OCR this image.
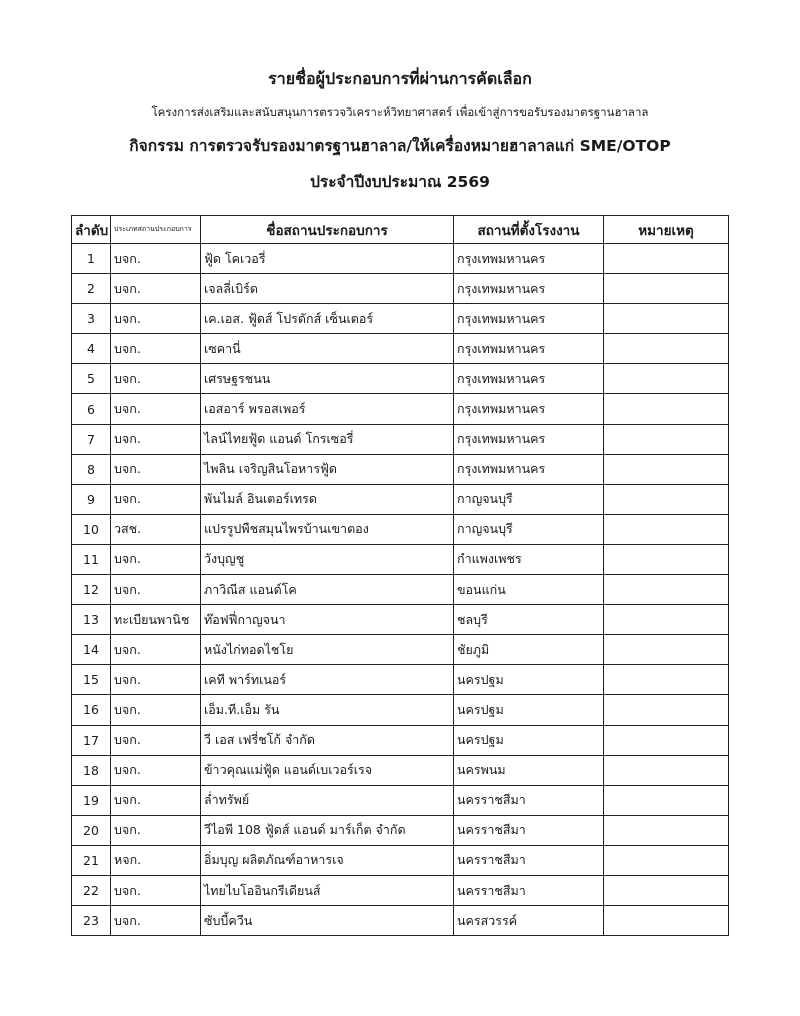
รายชื่อผู้ประกอบการที่ผ่านการคัดเลือก
โครงการส่งเสริมและสนับสนุนการตรวจวิเคราะห์วิทยาศาสตร์ เพื่อเข้าสู่การขอรับรองมาตรฐานฮาลาล
กิจกรรม การตรวจรับรองมาตรฐานฮาลาล/ให้เครื่องหมายฮาลาลแก่ SME/OTOP
ประจำปีงบประมาณ 2569
ลำดับ	ประเภทสถานประกอบการ	ชื่อสถานประกอบการ	สถานที่ตั้งโรงงาน	หมายเหตุ
1	บจก.	ฟู้ด โคเวอรี่	กรุงเทพมหานคร	
2	บจก.	เจลลี่เบิร์ด	กรุงเทพมหานคร	
3	บจก.	เค.เอส. ฟู้ดส์ โปรดักส์ เซ็นเตอร์	กรุงเทพมหานคร	
4	บจก.	เซคานี่	กรุงเทพมหานคร	
5	บจก.	เศรษฐรชนน	กรุงเทพมหานคร	
6	บจก.	เอสอาร์ พรอสเพอร์	กรุงเทพมหานคร	
7	บจก.	ไลน์ไทยฟู้ด แอนด์ โกรเซอรี่	กรุงเทพมหานคร	
8	บจก.	ไพลิน เจริญสินโอหารฟู้ด	กรุงเทพมหานคร	
9	บจก.	พันไมล์ อินเตอร์เทรด	กาญจนบุรี	
10	วสช.	แปรรูปพืชสมุนไพรบ้านเขาตอง	กาญจนบุรี	
11	บจก.	วังบุญชู	กำแพงเพชร	
12	บจก.	ภาวิณีส แอนด์โค	ขอนแก่น	
13	ทะเบียนพานิช	ท๊อฟฟี่กาญจนา	ชลบุรี	
14	บจก.	หนังไก่ทอดไชโย	ชัยภูมิ	
15	บจก.	เคที พาร์ทเนอร์	นครปฐม	
16	บจก.	เอ็ม.ที.เอ็ม รัน	นครปฐม	
17	บจก.	วี เอส เฟรี่ชโก้ จำกัด	นครปฐม	
18	บจก.	ข้าวคุณแม่ฟู้ด แอนด์เบเวอร์เรจ	นครพนม	
19	บจก.	ล่ำทรัพย์	นครราชสีมา	
20	บจก.	วีไอพี 108 ฟู้ดส์ แอนด์ มาร์เก็ต จำกัด	นครราชสีมา	
21	หจก.	อิ่มบุญ ผลิตภัณฑ์อาหารเจ	นครราชสีมา	
22	บจก.	ไทยไบโออินกรีเดียนส์	นครราชสีมา	
23	บจก.	ซับบี้ควีน	นครสวรรค์	
